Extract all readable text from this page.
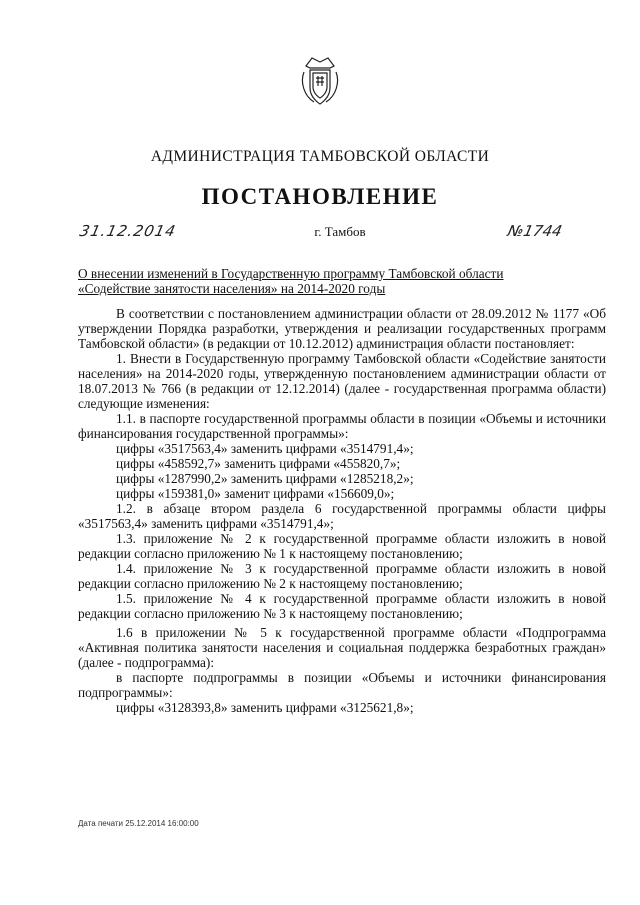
АДМИНИСТРАЦИЯ ТАМБОВСКОЙ ОБЛАСТИ
ПОСТАНОВЛЕНИЕ
31.12.2014	г. Тамбов	№1744
О внесении изменений в Государственную программу Тамбовской области
«Содействие занятости населения» на 2014-2020 годы

В соответствии с постановлением администрации области от 28.09.2012 № 1177 «Об утверждении Порядка разработки, утверждения и реализации государственных программ Тамбовской области» (в редакции от 10.12.2012) администрация области постановляет:

1. Внести в Государственную программу Тамбовской области «Содействие занятости населения» на 2014-2020 годы, утвержденную постановлением администрации области от 18.07.2013 № 766 (в редакции от 12.12.2014) (далее - государственная программа области) следующие изменения:

1.1. в паспорте государственной программы области в позиции «Объемы и источники финансирования государственной программы»:

цифры «3517563,4» заменить цифрами «3514791,4»;

цифры «458592,7» заменить цифрами «455820,7»;

цифры «1287990,2» заменить цифрами «1285218,2»;

цифры «159381,0» заменит цифрами «156609,0»;

1.2. в абзаце втором раздела 6 государственной программы области цифры «3517563,4» заменить цифрами «3514791,4»;

1.3. приложение № 2 к государственной программе области изложить в новой редакции согласно приложению № 1 к настоящему постановлению;

1.4. приложение № 3 к государственной программе области изложить в новой редакции согласно приложению № 2 к настоящему постановлению;

1.5. приложение № 4 к государственной программе области изложить в новой редакции согласно приложению № 3 к настоящему постановлению;

1.6 в приложении № 5 к государственной программе области «Подпрограмма «Активная политика занятости населения и социальная поддержка безработных граждан» (далее - подпрограмма):

в паспорте подпрограммы в позиции «Объемы и источники финансирования подпрограммы»:

цифры «3128393,8» заменить цифрами «3125621,8»;

Дата печати 25.12.2014 16:00:00
